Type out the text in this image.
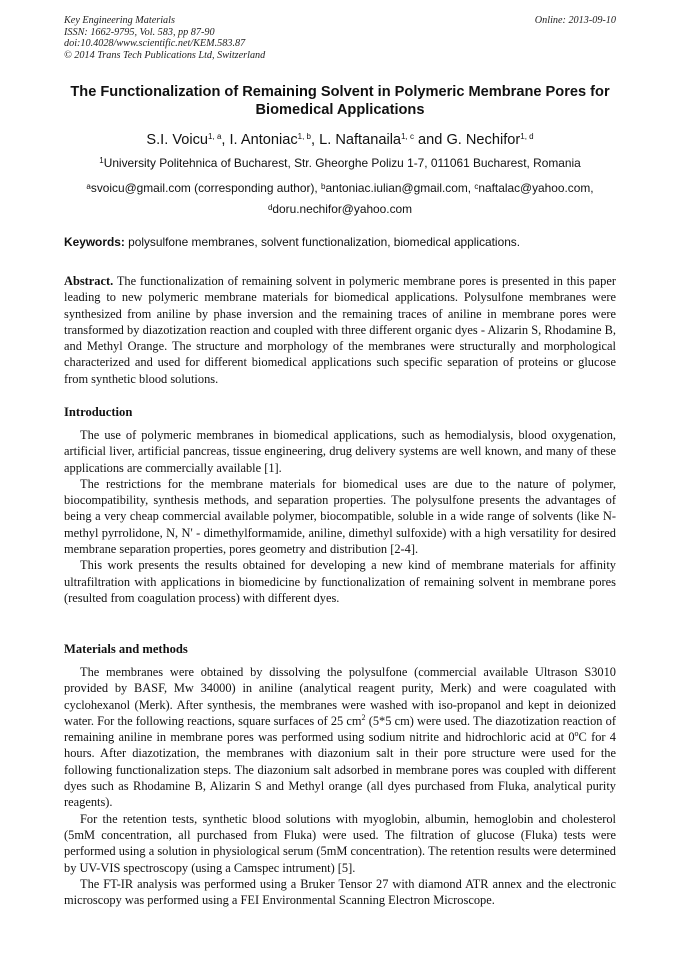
Key Engineering Materials
ISSN: 1662-9795, Vol. 583, pp 87-90
doi:10.4028/www.scientific.net/KEM.583.87
© 2014 Trans Tech Publications Ltd, Switzerland
Online: 2013-09-10
The Functionalization of Remaining Solvent in Polymeric Membrane Pores for Biomedical Applications
S.I. Voicu$^{1, a}$, I. Antoniac$^{1, b}$, L. Naftanaila$^{1, c}$ and G. Nechifor$^{1, d}$
$^1$University Politehnica of Bucharest, Str. Gheorghe Polizu 1-7, 011061 Bucharest, Romania
$^a$svoicu@gmail.com (corresponding author), $^b$antoniac.iulian@gmail.com, $^c$naftalac@yahoo.com,
$^d$doru.nechifor@yahoo.com
Keywords: polysulfone membranes, solvent functionalization, biomedical applications.
Abstract. The functionalization of remaining solvent in polymeric membrane pores is presented in this paper leading to new polymeric membrane materials for biomedical applications. Polysulfone membranes were synthesized from aniline by phase inversion and the remaining traces of aniline in membrane pores were transformed by diazotization reaction and coupled with three different organic dyes - Alizarin S, Rhodamine B, and Methyl Orange. The structure and morphology of the membranes were structurally and morphological characterized and used for different biomedical applications such specific separation of proteins or glucose from synthetic blood solutions.
Introduction

The use of polymeric membranes in biomedical applications, such as hemodialysis, blood oxygenation, artificial liver, artificial pancreas, tissue engineering, drug delivery systems are well known, and many of these applications are commercially available [1].

The restrictions for the membrane materials for biomedical uses are due to the nature of polymer, biocompatibility, synthesis methods, and separation properties. The polysulfone presents the advantages of being a very cheap commercial available polymer, biocompatible, soluble in a wide range of solvents (like N-methyl pyrrolidone, N, N' - dimethylformamide, aniline, dimethyl sulfoxide) with a high versatility for desired membrane separation properties, pores geometry and distribution [2-4].

This work presents the results obtained for developing a new kind of membrane materials for affinity ultrafiltration with applications in biomedicine by functionalization of remaining solvent in membrane pores (resulted from coagulation process) with different dyes.

Materials and methods

The membranes were obtained by dissolving the polysulfone (commercial available Ultrason S3010 provided by BASF, Mw 34000) in aniline (analytical reagent purity, Merk) and were coagulated with cyclohexanol (Merk). After synthesis, the membranes were washed with iso-propanol and kept in deionized water. For the following reactions, square surfaces of 25 $cm^2$ (5*5 cm) were used. The diazotization reaction of remaining aniline in membrane pores was performed using sodium nitrite and hidrochloric acid at 0$^o$C for 4 hours. After diazotization, the membranes with diazonium salt in their pore structure were used for the following functionalization steps. The diazonium salt adsorbed in membrane pores was coupled with different dyes such as Rhodamine B, Alizarin S and Methyl orange (all dyes purchased from Fluka, analytical purity reagents).

For the retention tests, synthetic blood solutions with myoglobin, albumin, hemoglobin and cholesterol (5mM concentration, all purchased from Fluka) were used. The filtration of glucose (Fluka) tests were performed using a solution in physiological serum (5mM concentration). The retention results were determined by UV-VIS spectroscopy (using a Camspec intrument) [5].

The FT-IR analysis was performed using a Bruker Tensor 27 with diamond ATR annex and the electronic microscopy was performed using a FEI Environmental Scanning Electron Microscope.
